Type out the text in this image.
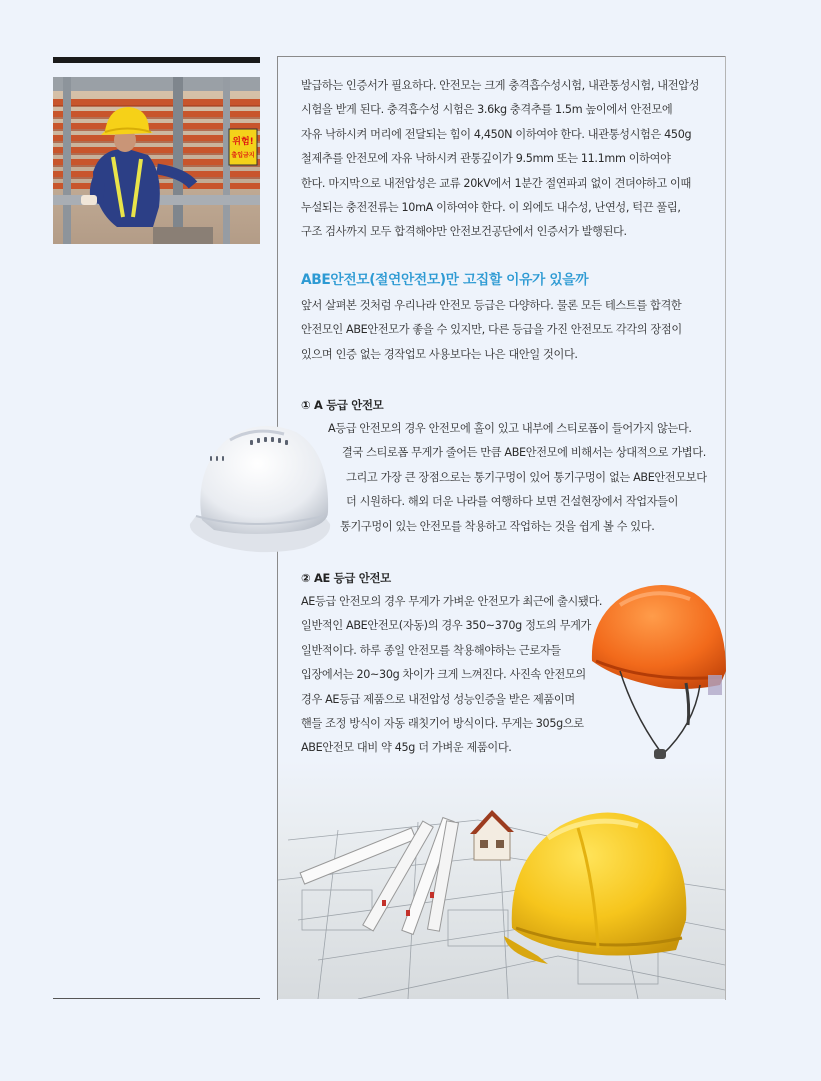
위험!
출입금지

발급하는 인증서가 필요하다. 안전모는 크게 충격흡수성시험, 내관통성시험, 내전압성

시험을 받게 된다. 충격흡수성 시험은 3.6kg 충격추를 1.5m 높이에서 안전모에

자유 낙하시켜 머리에 전달되는 힘이 4,450N 이하여야 한다. 내관통성시험은 450g

철제추를 안전모에 자유 낙하시켜 관통깊이가 9.5mm 또는 11.1mm 이하여야

한다. 마지막으로 내전압성은 교류 20kV에서 1분간 절연파괴 없이 견뎌야하고 이때

누설되는 충전전류는 10mA 이하여야 한다. 이 외에도 내수성, 난연성, 턱끈 풀림,

구조 검사까지 모두 합격해야만 안전보건공단에서 인증서가 발행된다.

ABE안전모(절연안전모)만 고집할 이유가 있을까

앞서 살펴본 것처럼 우리나라 안전모 등급은 다양하다. 물론 모든 테스트를 합격한

안전모인 ABE안전모가 좋을 수 있지만, 다른 등급을 가진 안전모도 각각의 장점이

있으며 인증 없는 경작업모 사용보다는 나은 대안일 것이다.

① A 등급 안전모
A등급 안전모의 경우 안전모에 홀이 있고 내부에 스티로폼이 들어가지 않는다.
결국 스티로폼 무게가 줄어든 만큼 ABE안전모에 비해서는 상대적으로 가볍다.
그리고 가장 큰 장점으로는 통기구멍이 있어 통기구멍이 없는 ABE안전모보다
더 시원하다. 해외 더운 나라를 여행하다 보면 건설현장에서 작업자들이
통기구멍이 있는 안전모를 착용하고 작업하는 것을 쉽게 볼 수 있다.
② AE 등급 안전모

AE등급 안전모의 경우 무게가 가벼운 안전모가 최근에 출시됐다.

일반적인 ABE안전모(자동)의 경우 350~370g 정도의 무게가

일반적이다. 하루 종일 안전모를 착용해야하는 근로자들

입장에서는 20~30g 차이가 크게 느껴진다. 사진속 안전모의

경우 AE등급 제품으로 내전압성 성능인증을 받은 제품이며

핸들 조정 방식이 자동 래칫기어 방식이다. 무게는 305g으로

ABE안전모 대비 약 45g 더 가벼운 제품이다.
